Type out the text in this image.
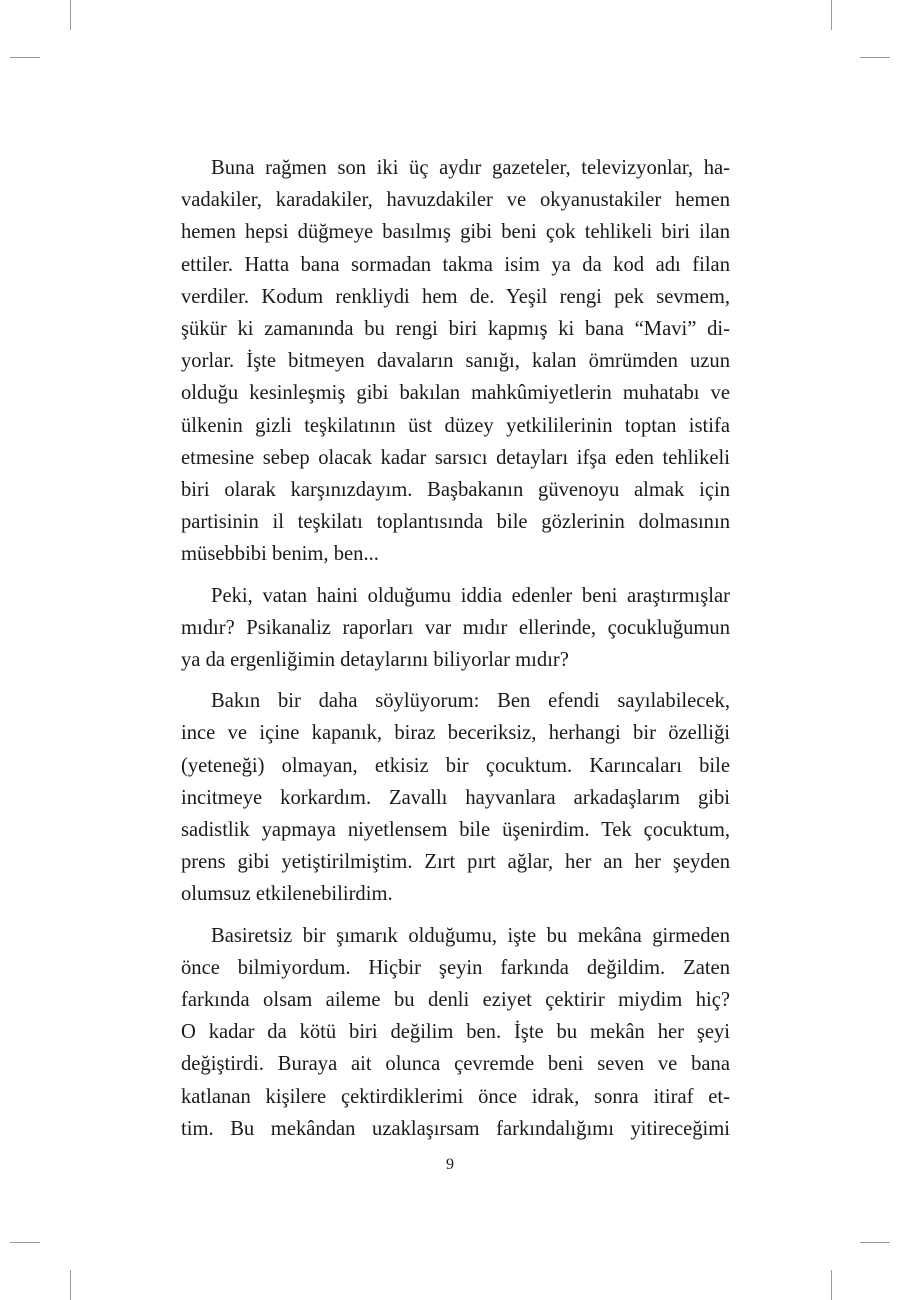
Buna rağmen son iki üç aydır gazeteler, televizyonlar, ha-
vadakiler, karadakiler, havuzdakiler ve okyanustakiler hemen
hemen hepsi düğmeye basılmış gibi beni çok tehlikeli biri ilan
ettiler. Hatta bana sormadan takma isim ya da kod adı filan
verdiler. Kodum renkliydi hem de. Yeşil rengi pek sevmem,
şükür ki zamanında bu rengi biri kapmış ki bana “Mavi” di-
yorlar. İşte bitmeyen davaların sanığı, kalan ömrümden uzun
olduğu kesinleşmiş gibi bakılan mahkûmiyetlerin muhatabı ve
ülkenin gizli teşkilatının üst düzey yetkililerinin toptan istifa
etmesine sebep olacak kadar sarsıcı detayları ifşa eden tehlikeli
biri olarak karşınızdayım. Başbakanın güvenoyu almak için
partisinin il teşkilatı toplantısında bile gözlerinin dolmasının
müsebbibi benim, ben...
Peki, vatan haini olduğumu iddia edenler beni araştırmışlar
mıdır? Psikanaliz raporları var mıdır ellerinde, çocukluğumun
ya da ergenliğimin detaylarını biliyorlar mıdır?
Bakın bir daha söylüyorum: Ben efendi sayılabilecek,
ince ve içine kapanık, biraz beceriksiz, herhangi bir özelliği
(yeteneği) olmayan, etkisiz bir çocuktum. Karıncaları bile
incitmeye korkardım. Zavallı hayvanlara arkadaşlarım gibi
sadistlik yapmaya niyetlensem bile üşenirdim. Tek çocuktum,
prens gibi yetiştirilmiştim. Zırt pırt ağlar, her an her şeyden
olumsuz etkilenebilirdim.
Basiretsiz bir şımarık olduğumu, işte bu mekâna girmeden
önce bilmiyordum. Hiçbir şeyin farkında değildim. Zaten
farkında olsam aileme bu denli eziyet çektirir miydim hiç?
O kadar da kötü biri değilim ben. İşte bu mekân her şeyi
değiştirdi. Buraya ait olunca çevremde beni seven ve bana
katlanan kişilere çektirdiklerimi önce idrak, sonra itiraf et-
tim. Bu mekândan uzaklaşırsam farkındalığımı yitireceğimi
9
